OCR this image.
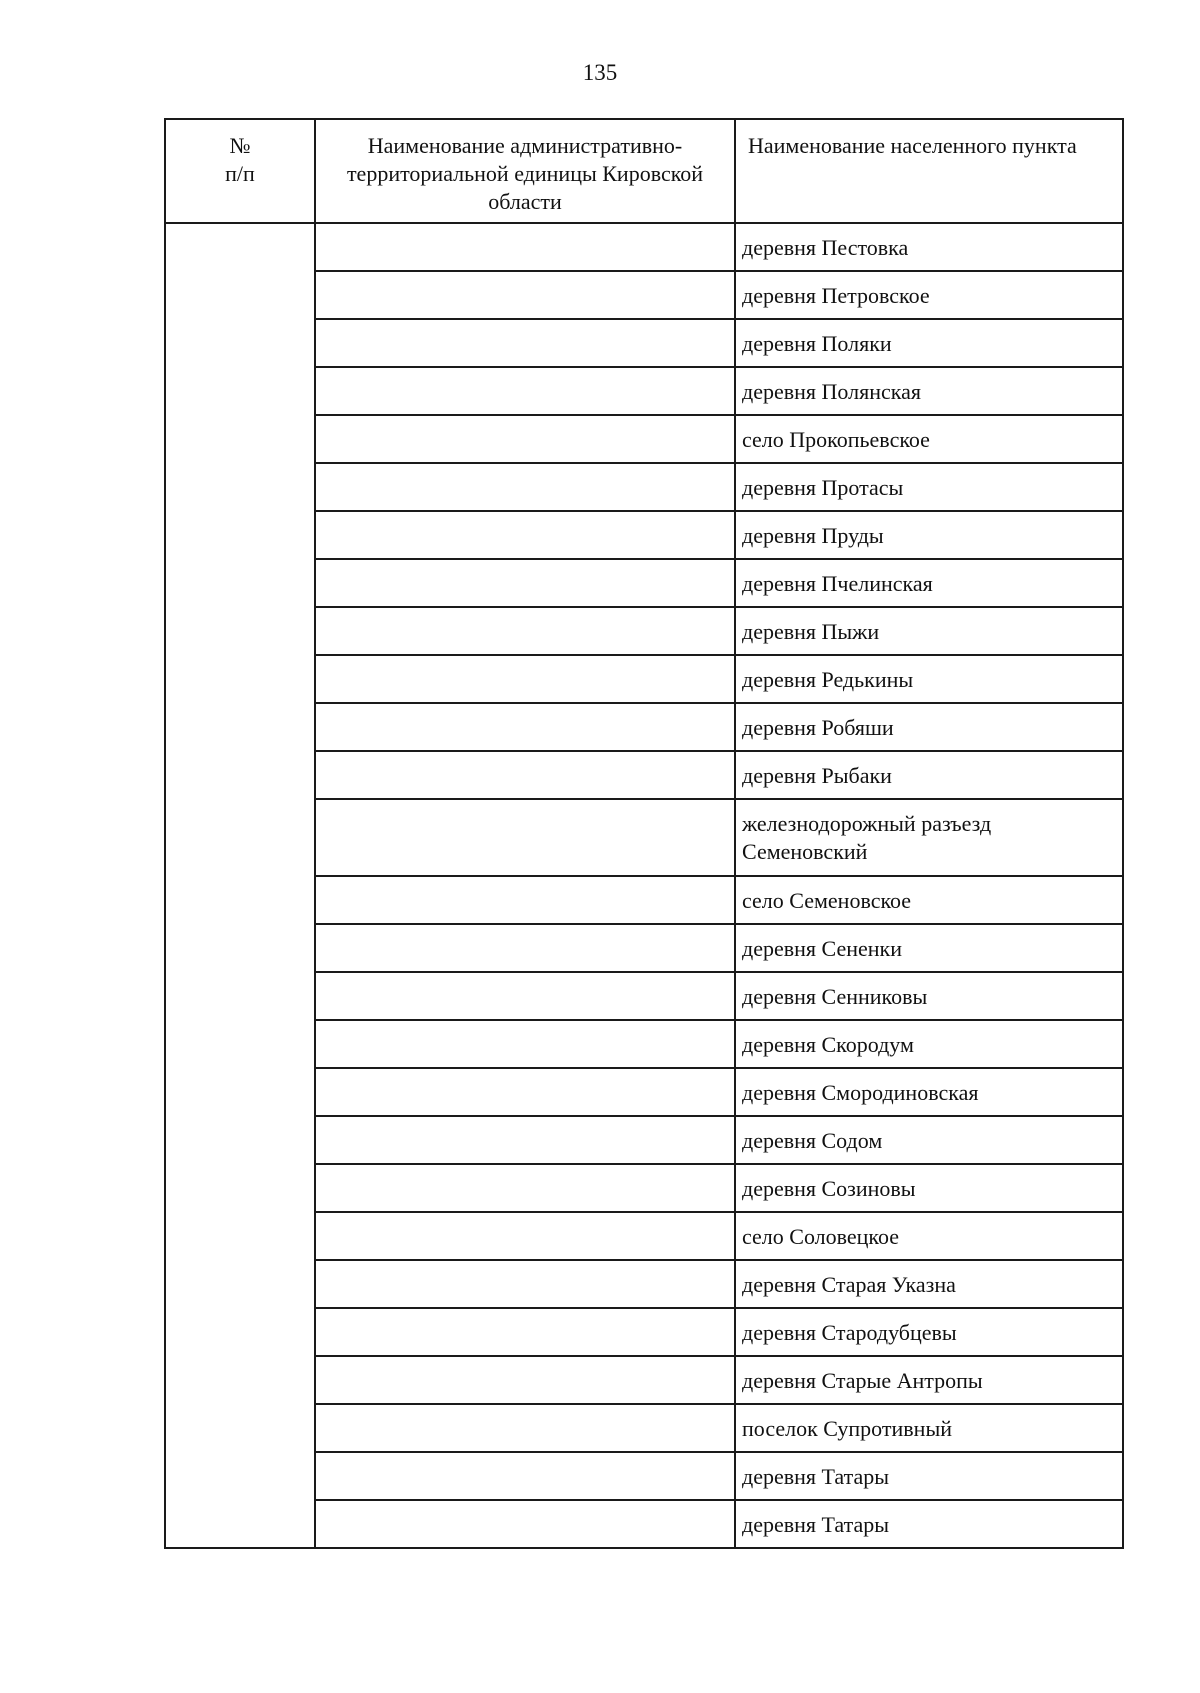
135
№
п/п	Наименование административно-территориальной единицы Кировской области	Наименование населенного пункта
		деревня Пестовка
		деревня Петровское
		деревня Поляки
		деревня Полянская
		село Прокопьевское
		деревня Протасы
		деревня Пруды
		деревня Пчелинская
		деревня Пыжи
		деревня Редькины
		деревня Робяши
		деревня Рыбаки
		железнодорожный разъезд Семеновский
		село Семеновское
		деревня Сененки
		деревня Сенниковы
		деревня Скородум
		деревня Смородиновская
		деревня Содом
		деревня Созиновы
		село Соловецкое
		деревня Старая Указна
		деревня Стародубцевы
		деревня Старые Антропы
		поселок Супротивный
		деревня Татары
		деревня Татары
